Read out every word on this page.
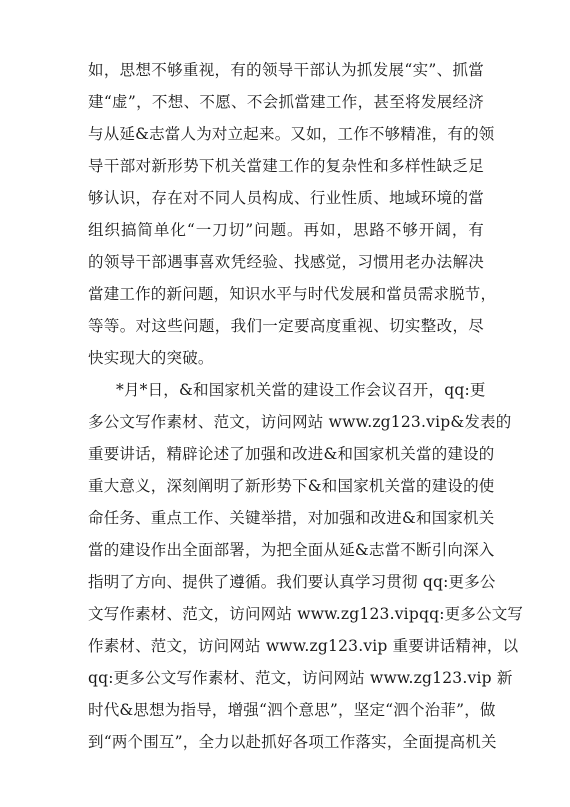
如，思想不够重视，有的领导干部认为抓发展“实”、抓當
建“虚”，不想、不愿、不会抓當建工作，甚至将发展经济
与从延&志當人为对立起来。又如，工作不够精准，有的领
导干部对新形势下机关當建工作的复杂性和多样性缺乏足
够认识，存在对不同人员构成、行业性质、地域环境的當
组织搞简单化“一刀切”问题。再如，思路不够开阔，有
的领导干部遇事喜欢凭经验、找感觉，习惯用老办法解决
當建工作的新问题，知识水平与时代发展和當员需求脱节，
等等。对这些问题，我们一定要高度重视、切实整改，尽
快实现大的突破。
*月*日，&和国家机关當的建设工作会议召开，qq:更
多公文写作素材、范文，访问网站 www.zg123.vip&发表的
重要讲话，精辟论述了加强和改进&和国家机关當的建设的
重大意义，深刻阐明了新形势下&和国家机关當的建设的使
命任务、重点工作、关键举措，对加强和改进&和国家机关
當的建设作出全面部署，为把全面从延&志當不断引向深入
指明了方向、提供了遵循。我们要认真学习贯彻 qq:更多公
文写作素材、范文，访问网站 www.zg123.vipqq:更多公文写
作素材、范文，访问网站 www.zg123.vip 重要讲话精神，以
qq:更多公文写作素材、范文，访问网站 www.zg123.vip 新
时代&思想为指导，增强“泗个意思”，坚定“泗个治菲”，做
到“两个围互”，全力以赴抓好各项工作落实，全面提高机关
